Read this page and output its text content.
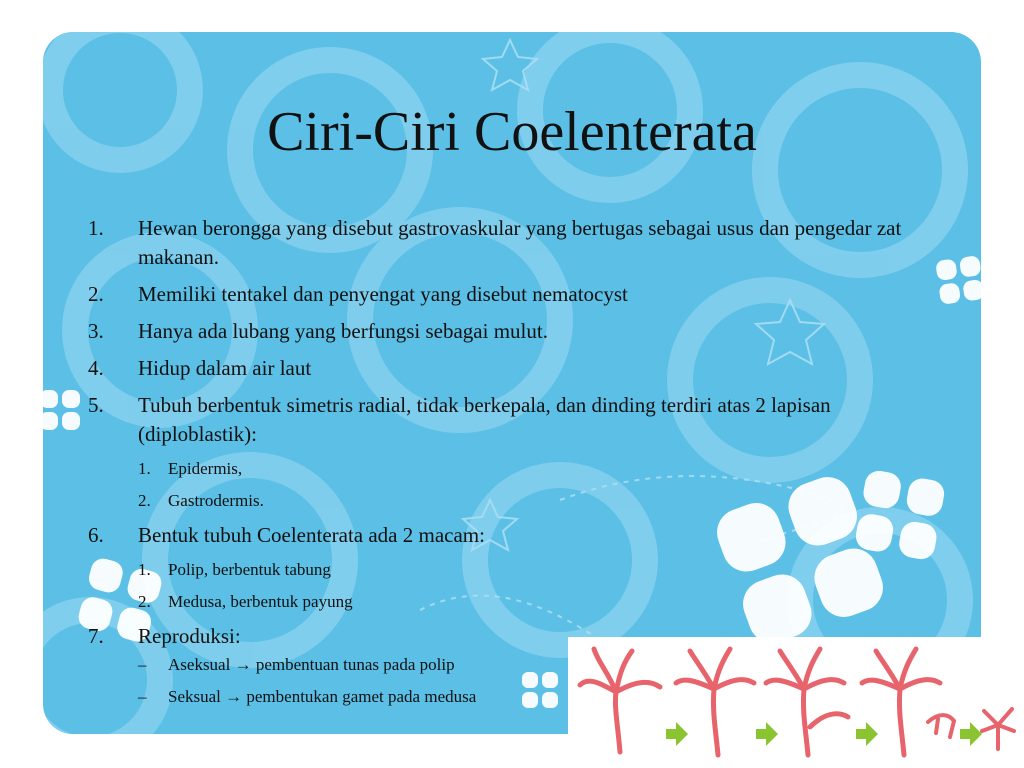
Ciri-Ciri Coelenterata
1.	Hewan berongga yang disebut gastrovaskular yang bertugas sebagai usus dan pengedar zat makanan.
2.	Memiliki tentakel dan penyengat yang disebut nematocyst
3.	Hanya ada lubang yang berfungsi sebagai mulut.
4.	Hidup dalam air laut
5.	Tubuh berbentuk simetris radial, tidak berkepala, dan dinding terdiri atas 2 lapisan (diploblastik):
1.	Epidermis,
2.	Gastrodermis.
6.	Bentuk tubuh Coelenterata ada 2 macam:
1.	Polip, berbentuk tabung
2.	Medusa, berbentuk payung
7.	Reproduksi:
–	Aseksual → pembentuan tunas pada polip
–	Seksual → pembentukan gamet pada medusa
